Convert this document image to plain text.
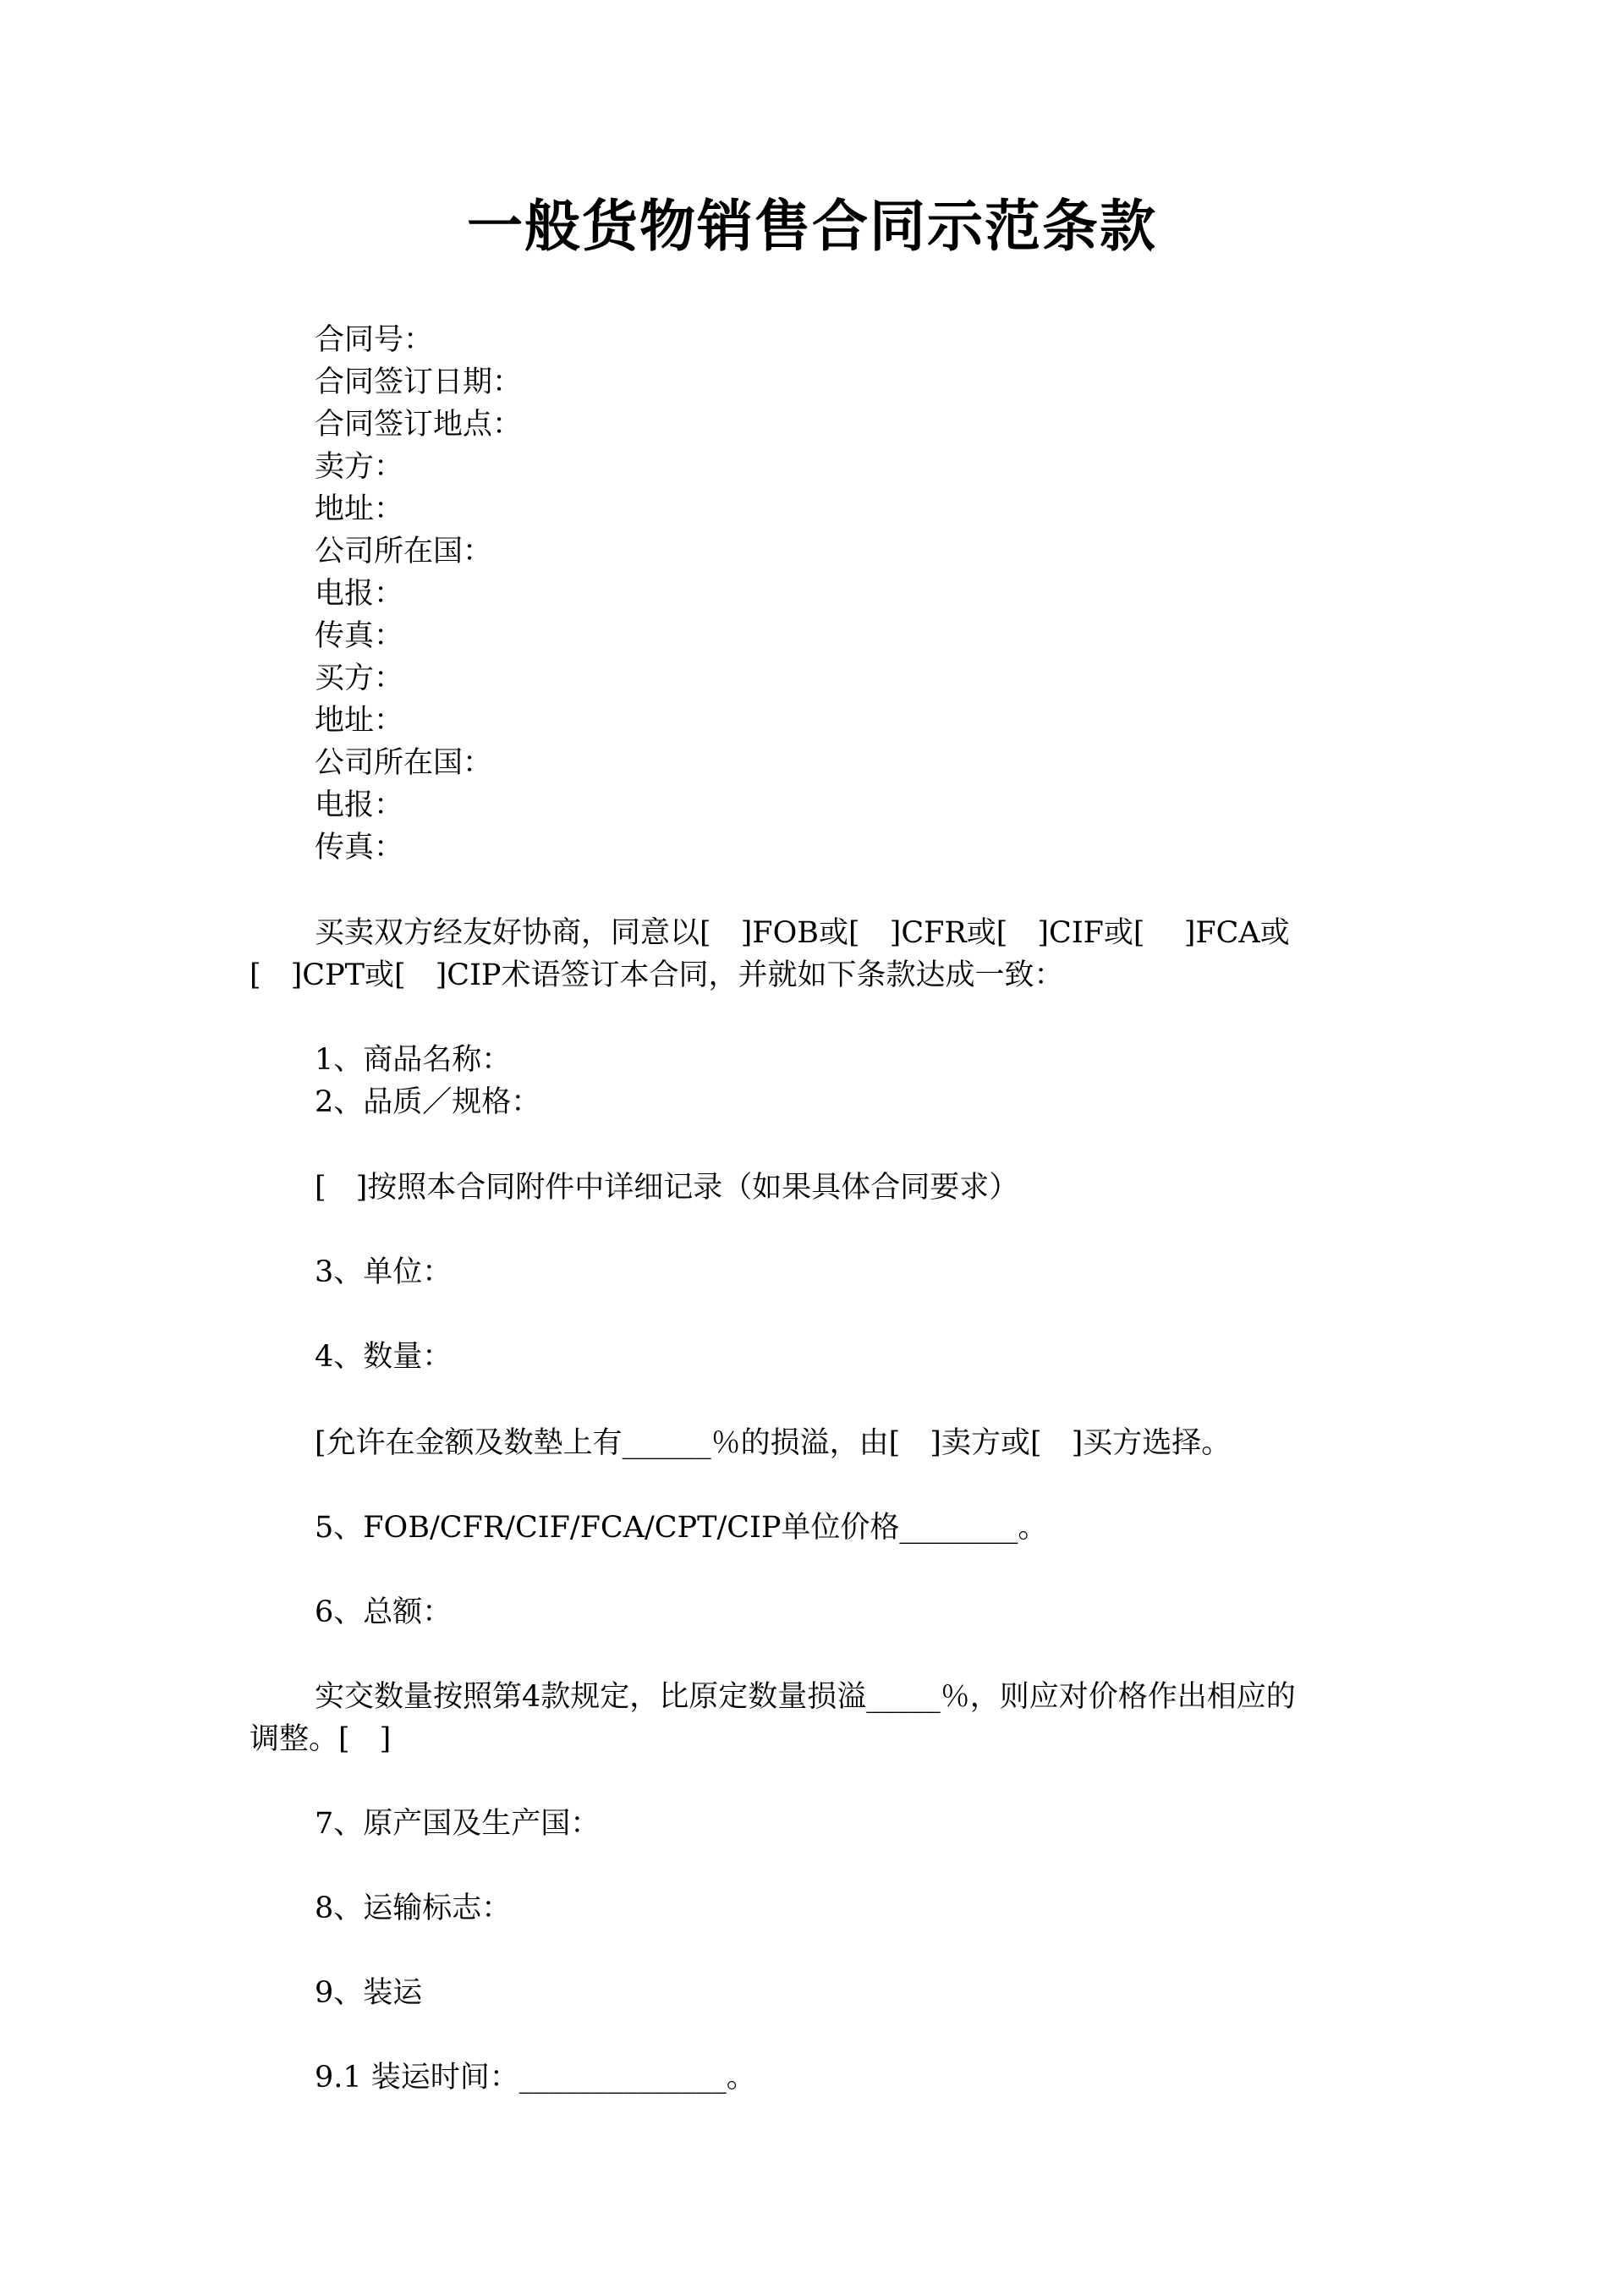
一般货物销售合同示范条款

合同号：

合同签订日期：

合同签订地点：

卖方：

地址：

公司所在国：

电报：

传真：

买方：

地址：

公司所在国：

电报：

传真：

买卖双方经友好协商，同意以[　]FOB或[　]CFR或[　]CIF或[　 ]FCA或

[　]CPT或[　]CIP术语签订本合同，并就如下条款达成一致：

1、商品名称：

2、品质／规格：

[　]按照本合同附件中详细记录（如果具体合同要求）

3、单位：

4、数量：

[允许在金额及数墊上有______％的损溢，由[　]卖方或[　]买方选择。

5、FOB/CFR/CIF/FCA/CPT/CIP单位价格________。

6、总额：

实交数量按照第4款规定，比原定数量损溢_____％，则应对价格作出相应的

调整。[　]

7、原产国及生产国：

8、运输标志：

9、装运

9.1 装运时间：______________。
